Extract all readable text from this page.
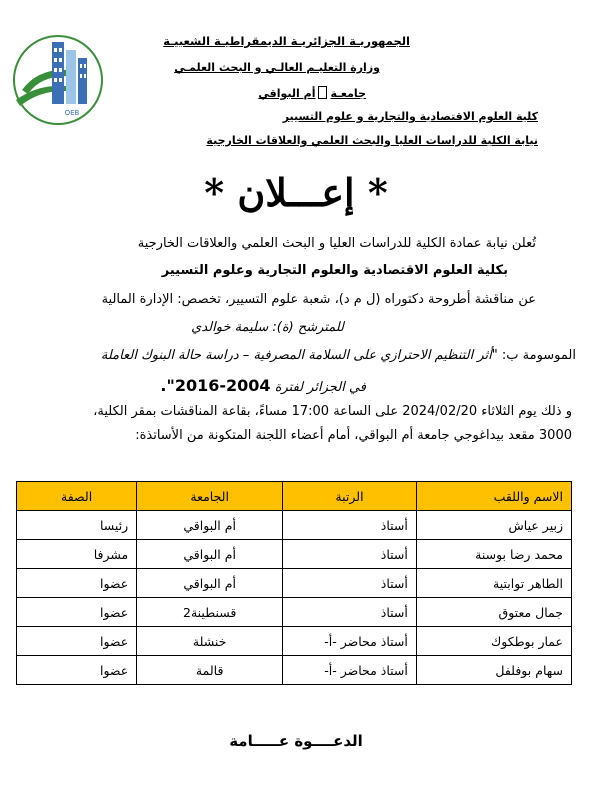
OEB
الجمهوريـة الجزائريـة الديمقراطيـة الشعبيـة
وزارة التعليـم العالـي و البحث العلمـي
جامعـةأم البواقي
كلية العلوم الاقتصادية والتجارية و علوم التسيير
نيابة الكلية للدراسات العليا والبحث العلمي والعلاقات الخارجية
* إعـــلان *
تُعلن نيابة عمادة الكلية للدراسات العليا و البحث العلمي والعلاقات الخارجية
بكلية العلوم الاقتصادية والعلوم التجارية وعلوم التسيير
عن مناقشة أطروحة دكتوراه (ل م د)، شعبة علوم التسيير، تخصص: الإدارة المالية
للمترشح (ة): سليمة خوالدي
الموسومة ب: "أثر التنظيم الاحترازي على السلامة المصرفية – دراسة حالة البنوك العاملة
في الجزائر لفترة 2004-2016".
و ذلك يوم الثلاثاء 2024/02/20 على الساعة 17:00 مساءً، بقاعة المناقشات بمقر الكلية،
3000 مقعد بيداغوجي جامعة أم البواقي، أمام أعضاء اللجنة المتكونة من الأساتذة:
الاسم واللقب	الرتبة	الجامعة	الصفة
زبير عياش	أستاذ	أم البواقي	رئيسا
محمد رضا بوسنة	أستاذ	أم البواقي	مشرفا
الطاهر توابتية	أستاذ	أم البواقي	عضوا
جمال معتوق	أستاذ	قسنطينة2	عضوا
عمار بوطكوك	أستاذ محاضر -أ-	خنشلة	عضوا
سهام بوفلفل	أستاذ محاضر -أ-	قالمة	عضوا
الدعــــوة عـــــامة
